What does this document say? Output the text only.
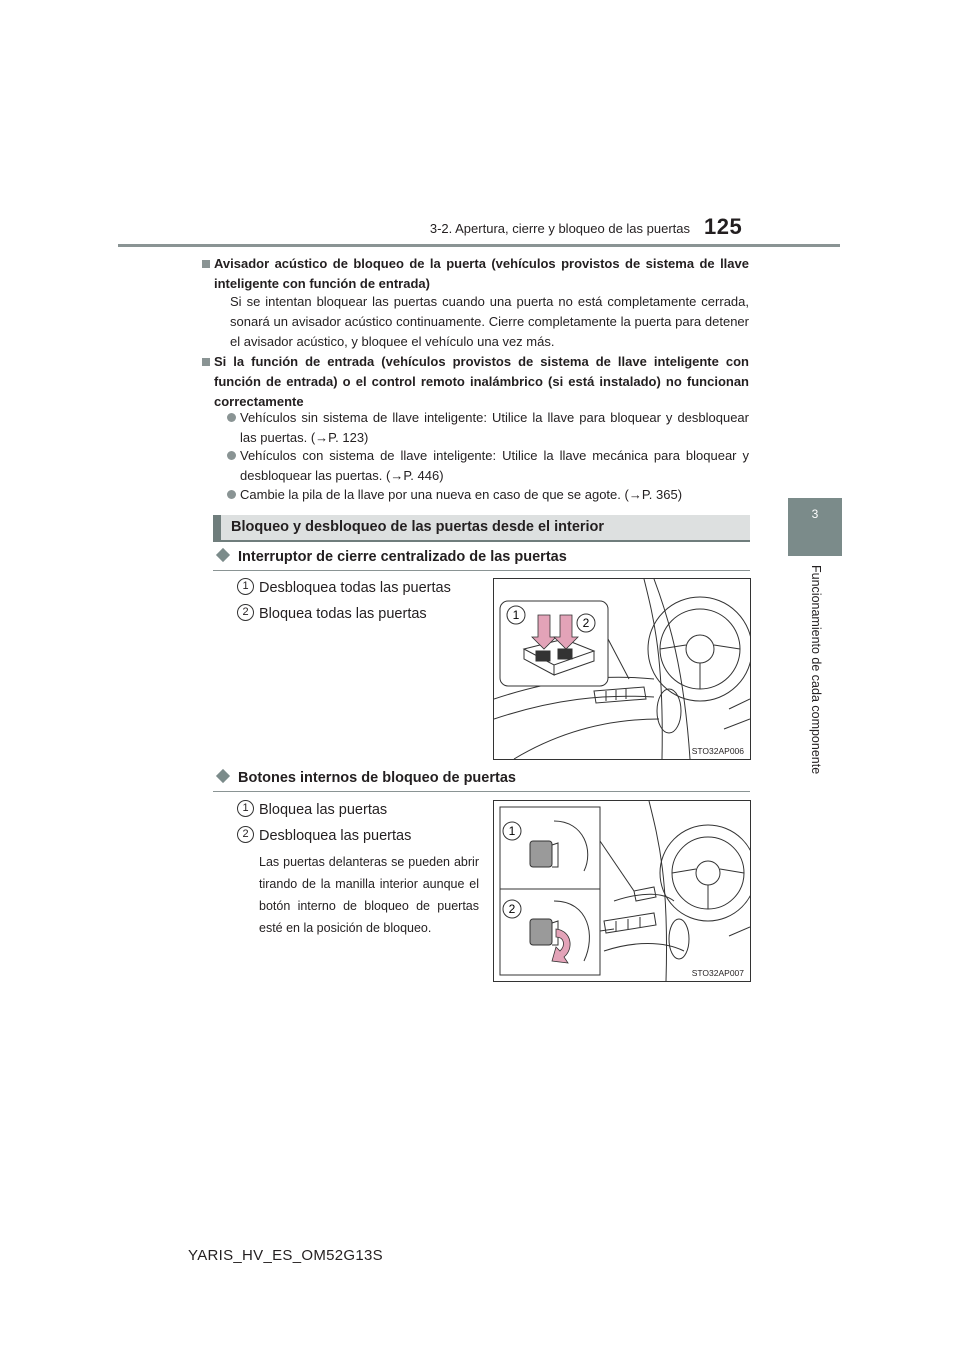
3-2. Apertura, cierre y bloqueo de las puertas 125
3
Funcionamiento de cada componente
Avisador acústico de bloqueo de la puerta (vehículos provistos de sistema de llave inteligente con función de entrada)
Si se intentan bloquear las puertas cuando una puerta no está completamente cerrada, sonará un avisador acústico continuamente. Cierre completamente la puerta para detener el avisador acústico, y bloquee el vehículo una vez más.
Si la función de entrada (vehículos provistos de sistema de llave inteligente con función de entrada) o el control remoto inalámbrico (si está instalado) no funcionan correctamente
Vehículos sin sistema de llave inteligente: Utilice la llave para bloquear y desbloquear las puertas. (→P. 123)
Vehículos con sistema de llave inteligente: Utilice la llave mecánica para bloquear y desbloquear las puertas. (→P. 446)
Cambie la pila de la llave por una nueva en caso de que se agote. (→P. 365)
Bloqueo y desbloqueo de las puertas desde el interior
Interruptor de cierre centralizado de las puertas
1 Desbloquea todas las puertas
2 Bloquea todas las puertas	1
2
STO32AP006
Botones internos de bloqueo de puertas
1 Bloquea las puertas
2 Desbloquea las puertas
Las puertas delanteras se pueden abrir tirando de la manilla interior aunque el botón interno de bloqueo de puertas esté en la posición de bloqueo.
1
2
STO32AP007
YARIS_HV_ES_OM52G13S
